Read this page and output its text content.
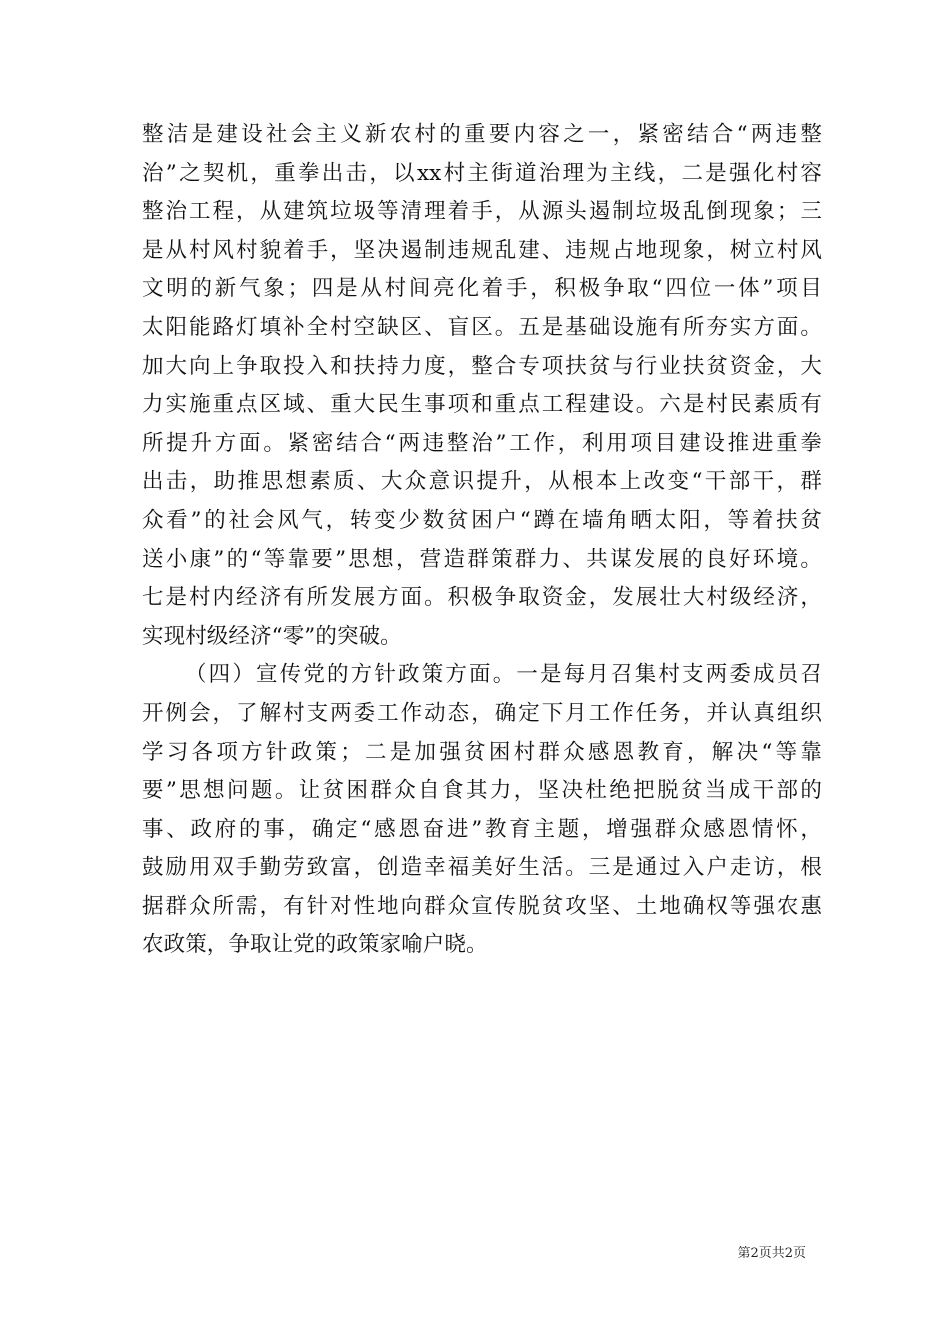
整洁是建设社会主义新农村的重要内容之一，紧密结合“两违整
治”之契机，重拳出击，以xx村主街道治理为主线，二是强化村容
整治工程，从建筑垃圾等清理着手，从源头遏制垃圾乱倒现象；三
是从村风村貌着手，坚决遏制违规乱建、违规占地现象，树立村风
文明的新气象；四是从村间亮化着手，积极争取“四位一体”项目
太阳能路灯填补全村空缺区、盲区。五是基础设施有所夯实方面。
加大向上争取投入和扶持力度，整合专项扶贫与行业扶贫资金，大
力实施重点区域、重大民生事项和重点工程建设。六是村民素质有
所提升方面。紧密结合“两违整治”工作，利用项目建设推进重拳
出击，助推思想素质、大众意识提升，从根本上改变“干部干，群
众看”的社会风气，转变少数贫困户“蹲在墙角晒太阳，等着扶贫
送小康”的“等靠要”思想，营造群策群力、共谋发展的良好环境。
七是村内经济有所发展方面。积极争取资金，发展壮大村级经济，
实现村级经济“零”的突破。
（四）宣传党的方针政策方面。一是每月召集村支两委成员召
开例会，了解村支两委工作动态，确定下月工作任务，并认真组织
学习各项方针政策；二是加强贫困村群众感恩教育，解决“等靠
要”思想问题。让贫困群众自食其力，坚决杜绝把脱贫当成干部的
事、政府的事，确定“感恩奋进”教育主题，增强群众感恩情怀，
鼓励用双手勤劳致富，创造幸福美好生活。三是通过入户走访，根
据群众所需，有针对性地向群众宣传脱贫攻坚、土地确权等强农惠
农政策，争取让党的政策家喻户晓。
第2页共2页
